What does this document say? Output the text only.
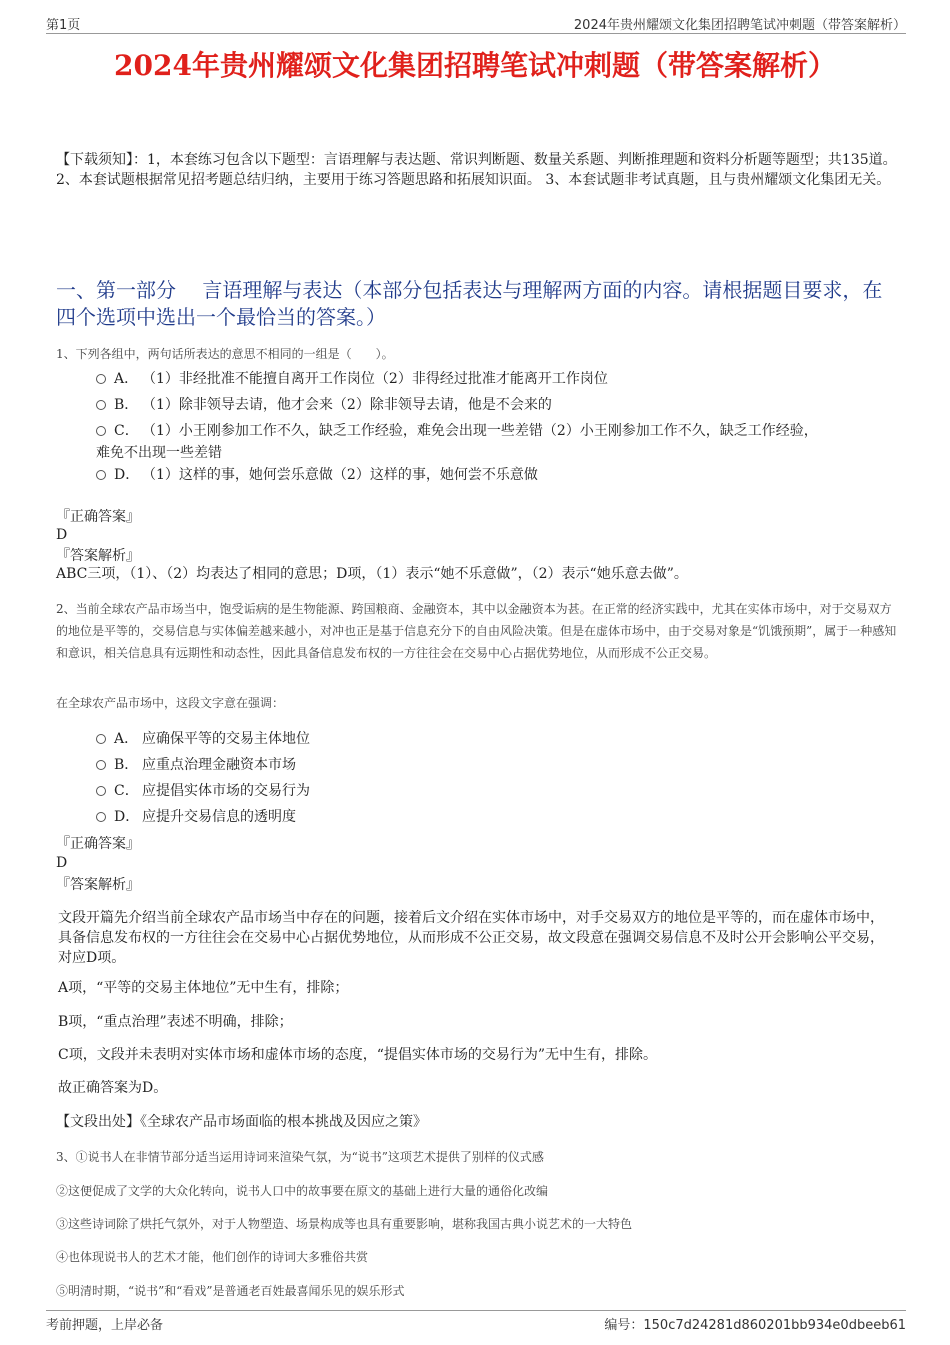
第1页	2024年贵州耀颂文化集团招聘笔试冲刺题（带答案解析）
2024年贵州耀颂文化集团招聘笔试冲刺题（带答案解析）
【下载须知】：1，本套练习包含以下题型：言语理解与表达题、常识判断题、数量关系题、判断推理题和资料分析题等题型；共135道。 2、本套试题根据常见招考题总结归纳，主要用于练习答题思路和拓展知识面。 3、本套试题非考试真题，且与贵州耀颂文化集团无关。
一、第一部分　 言语理解与表达（本部分包括表达与理解两方面的内容。请根据题目要求，在四个选项中选出一个最恰当的答案。）
1、下列各组中，两句话所表达的意思不相同的一组是（　　）。
A． （1）非经批准不能擅自离开工作岗位（2）非得经过批准才能离开工作岗位
B． （1）除非领导去请，他才会来（2）除非领导去请，他是不会来的
C． （1）小王刚参加工作不久，缺乏工作经验，难免会出现一些差错（2）小王刚参加工作不久，缺乏工作经验，
难免不出现一些差错
D． （1）这样的事，她何尝乐意做（2）这样的事，她何尝不乐意做
『正确答案』
D
『答案解析』
ABC三项，（1）、（2）均表达了相同的意思；D项，（1）表示“她不乐意做”，（2）表示“她乐意去做”。
2、当前全球农产品市场当中，饱受诟病的是生物能源、跨国粮商、金融资本，其中以金融资本为甚。在正常的经济实践中，尤其在实体市场中，对于交易双方的地位是平等的，交易信息与实体偏差越来越小，对冲也正是基于信息充分下的自由风险决策。但是在虚体市场中，由于交易对象是“饥饿预期”，属于一种感知和意识，相关信息具有远期性和动态性，因此具备信息发布权的一方往往会在交易中心占据优势地位，从而形成不公正交易。
在全球农产品市场中，这段文字意在强调：
A． 应确保平等的交易主体地位
B． 应重点治理金融资本市场
C． 应提倡实体市场的交易行为
D． 应提升交易信息的透明度
『正确答案』
D
『答案解析』
文段开篇先介绍当前全球农产品市场当中存在的问题，接着后文介绍在实体市场中，对手交易双方的地位是平等的，而在虚体市场中，具备信息发布权的一方往往会在交易中心占据优势地位，从而形成不公正交易，故文段意在强调交易信息不及时公开会影响公平交易，对应D项。
A项，“平等的交易主体地位”无中生有，排除；
B项，“重点治理”表述不明确，排除；
C项，文段并未表明对实体市场和虚体市场的态度，“提倡实体市场的交易行为”无中生有，排除。
故正确答案为D。
【文段出处】《全球农产品市场面临的根本挑战及因应之策》
3、①说书人在非情节部分适当运用诗词来渲染气氛，为“说书”这项艺术提供了别样的仪式感
②这便促成了文学的大众化转向，说书人口中的故事要在原文的基础上进行大量的通俗化改编
③这些诗词除了烘托气氛外，对于人物塑造、场景构成等也具有重要影响，堪称我国古典小说艺术的一大特色
④也体现说书人的艺术才能，他们创作的诗词大多雅俗共赏
⑤明清时期，“说书”和“看戏”是普通老百姓最喜闻乐见的娱乐形式
考前押题，上岸必备	编号：150c7d24281d860201bb934e0dbeeb61
